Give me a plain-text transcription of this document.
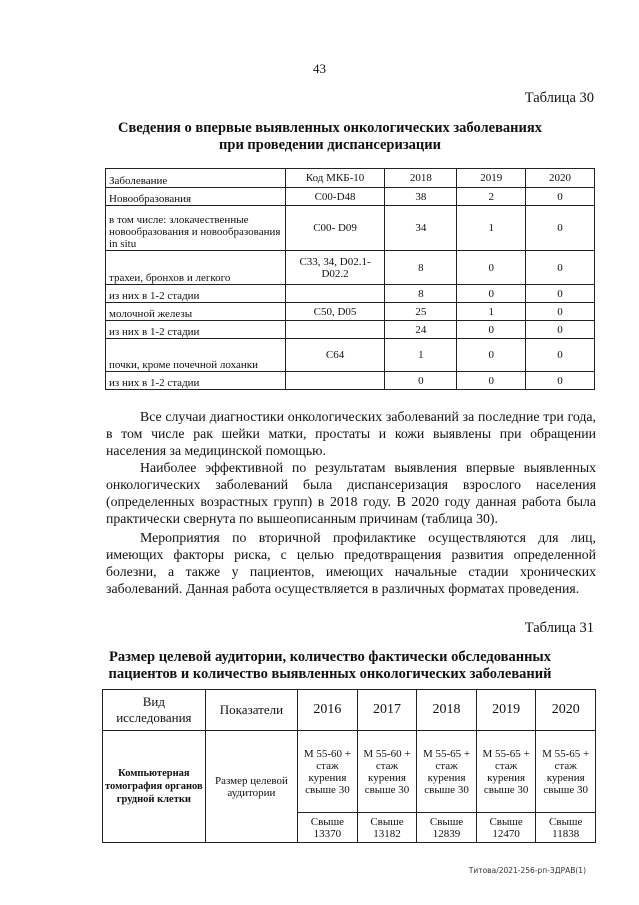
43
Таблица 30
Сведения о впервые выявленных онкологических заболеваниях
при проведении диспансеризации
Заболевание	Код МКБ-10	2018	2019	2020
Новообразования	С00-D48	38	2	0
в том числе: злокачественные новообразования и новообразования in situ	С00- D09	34	1	0
трахеи, бронхов и легкого	С33, 34, D02.1-D02.2	8	0	0
из них в 1-2 стадии		8	0	0
молочной железы	С50, D05	25	1	0
из них в 1-2 стадии		24	0	0
почки, кроме почечной лоханки	С64	1	0	0
из них в 1-2 стадии		0	0	0

Все случаи диагностики онкологических заболеваний за последние три года, в том числе рак шейки матки, простаты и кожи выявлены при обращении населения за медицинской помощью.

Наиболее эффективной по результатам выявления впервые выявленных онкологических заболеваний была диспансеризация взрослого населения (определенных возрастных групп) в 2018 году. В 2020 году данная работа была практически свернута по вышеописанным причинам (таблица 30).

Мероприятия по вторичной профилактике осуществляются для лиц, имеющих факторы риска, с целью предотвращения развития определенной болезни, а также у пациентов, имеющих начальные стадии хронических заболеваний. Данная работа осуществляется в различных форматах проведения.

Таблица 31
Размер целевой аудитории, количество фактически обследованных
пациентов и количество выявленных онкологических заболеваний
Вид исследования	Показатели	2016	2017	2018	2019	2020
Компьютерная томография органов грудной клетки	Размер целевой аудитории	М 55-60 + стаж курения свыше 30	М 55-60 + стаж курения свыше 30	М 55-65 + стаж курения свыше 30	М 55-65 + стаж курения свыше 30	М 55-65 + стаж курения свыше 30
		Свыше 13370	Свыше 13182	Свыше 12839	Свыше 12470	Свыше 11838
Титова/2021-256-рп-ЗДРАВ(1)
